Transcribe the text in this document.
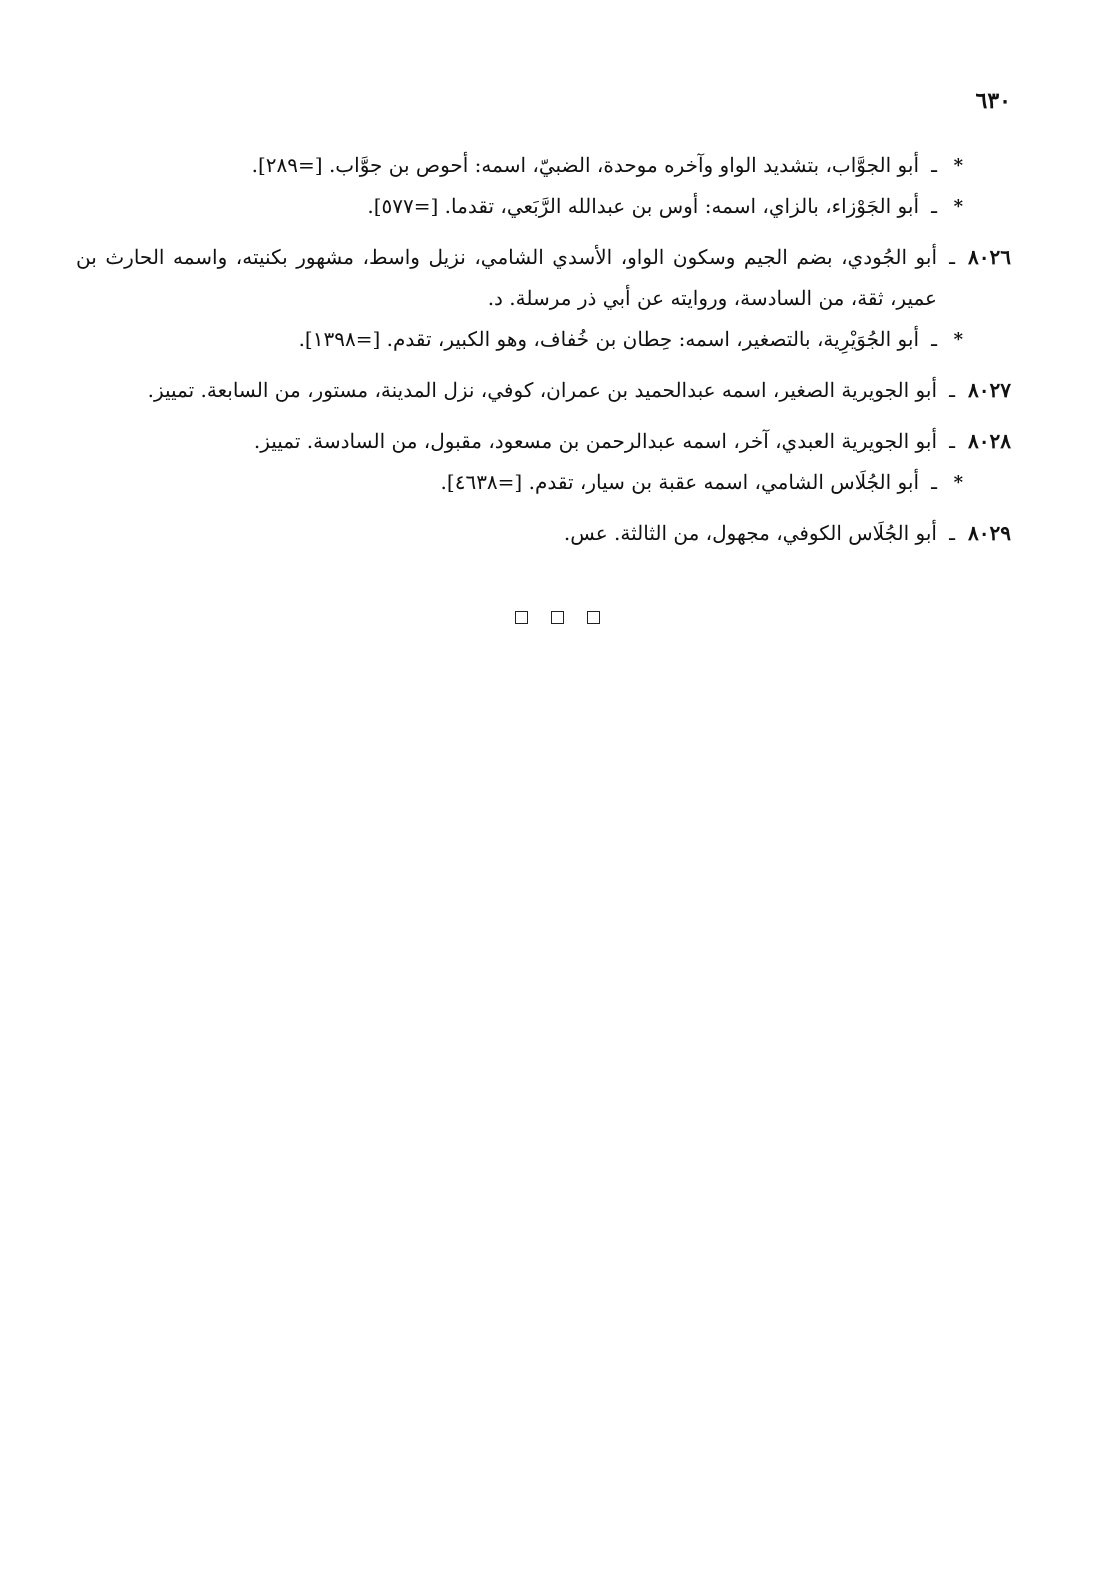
٦٣٠
*
ـ
أبو الجوَّاب، بتشديد الواو وآخره موحدة، الضبيّ، اسمه: أحوص بن جوَّاب. [=٢٨٩].
*
ـ
أبو الجَوْزاء، بالزاي، اسمه: أوس بن عبدالله الرَّبَعي، تقدما. [=٥٧٧].
٨٠٢٦
ـ
أبو الجُودي، بضم الجيم وسكون الواو، الأسدي الشامي، نزيل واسط، مشهور بكنيته، واسمه الحارث بن عمير، ثقة، من السادسة، وروايته عن أبي ذر مرسلة. د.
*
ـ
أبو الجُوَيْرِية، بالتصغير، اسمه: حِطان بن خُفاف، وهو الكبير، تقدم. [=١٣٩٨].
٨٠٢٧
ـ
أبو الجويرية الصغير، اسمه عبدالحميد بن عمران، كوفي، نزل المدينة، مستور، من السابعة. تمييز.
٨٠٢٨
ـ
أبو الجويرية العبدي، آخر، اسمه عبدالرحمن بن مسعود، مقبول، من السادسة. تمييز.
*
ـ
أبو الجُلَاس الشامي، اسمه عقبة بن سيار، تقدم. [=٤٦٣٨].
٨٠٢٩
ـ
أبو الجُلَاس الكوفي، مجهول، من الثالثة. عس.
